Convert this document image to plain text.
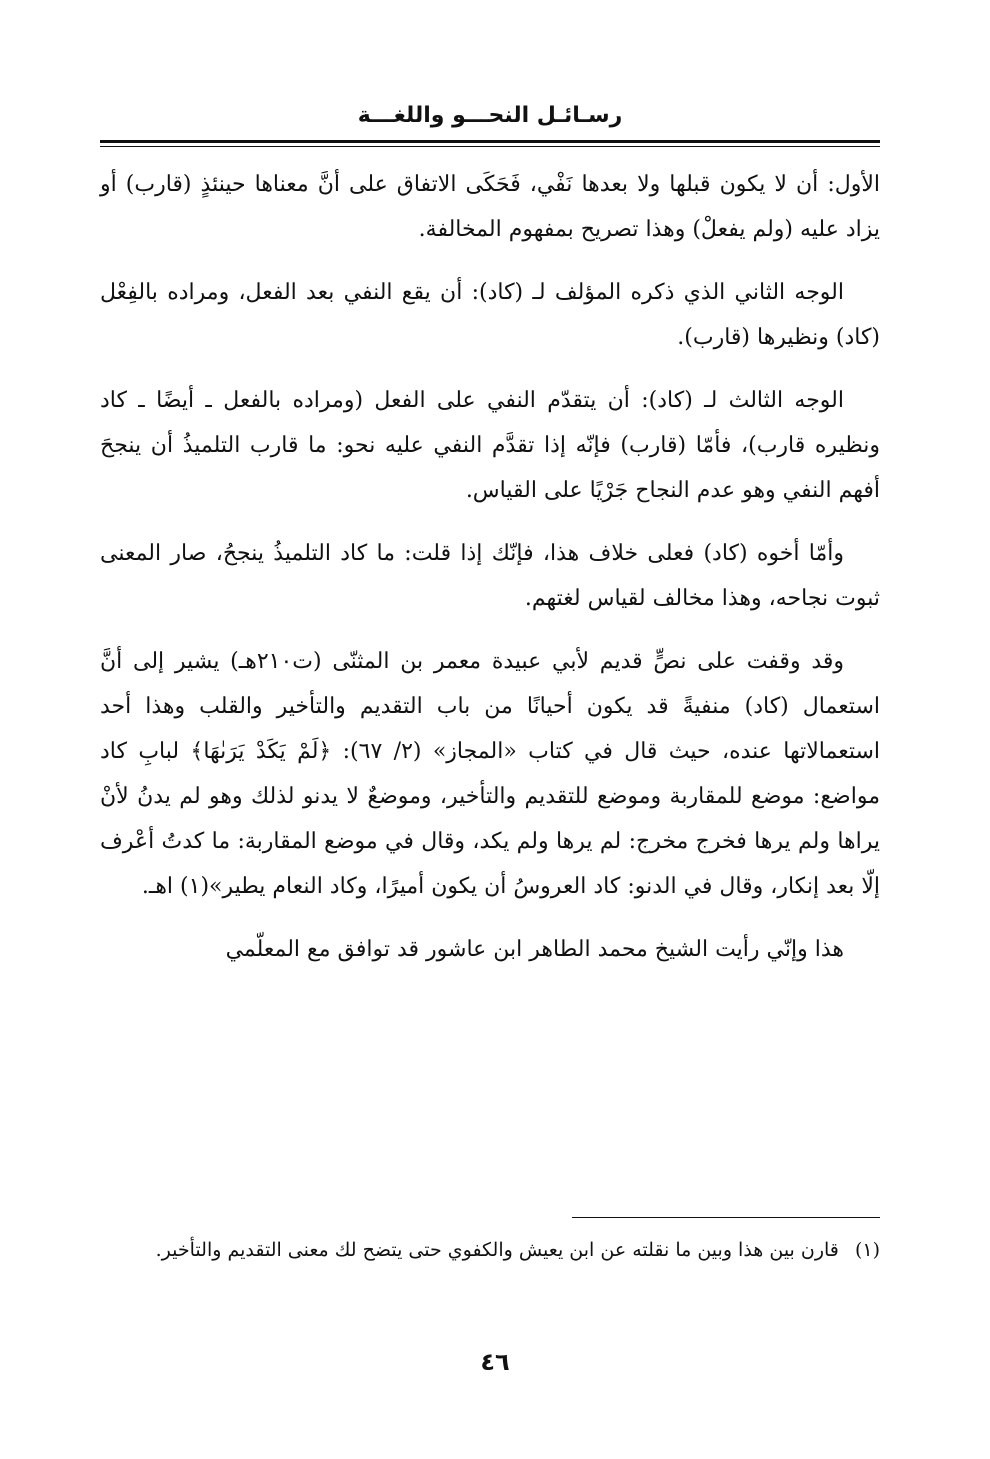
رسـائـل النحـــو واللغـــة

الأول: أن لا يكون قبلها ولا بعدها نَفْي، فَحَكَى الاتفاق على أنَّ معناها حينئذٍ (قارب) أو يزاد عليه (ولم يفعلْ) وهذا تصريح بمفهوم المخالفة.

الوجه الثاني الذي ذكره المؤلف لـ (كاد): أن يقع النفي بعد الفعل، ومراده بالفِعْل (كاد) ونظيرها (قارب).

الوجه الثالث لـ (كاد): أن يتقدّم النفي على الفعل (ومراده بالفعل ـ أيضًا ـ كاد ونظيره قارب)، فأمّا (قارب) فإنّه إذا تقدَّم النفي عليه نحو: ما قارب التلميذُ أن ينجحَ أفهم النفي وهو عدم النجاح جَرْيًا على القياس.

وأمّا أخوه (كاد) فعلى خلاف هذا، فإنّك إذا قلت: ما كاد التلميذُ ينجحُ، صار المعنى ثبوت نجاحه، وهذا مخالف لقياس لغتهم.

وقد وقفت على نصٍّ قديم لأبي عبيدة معمر بن المثنّى (ت٢١٠هـ) يشير إلى أنَّ استعمال (كاد) منفيةً قد يكون أحيانًا من باب التقديم والتأخير والقلب وهذا أحد استعمالاتها عنده، حيث قال في كتاب «المجاز» (٢/ ٦٧): ﴿لَمْ يَكَدْ يَرَىٰهَا﴾ لبابِ كاد مواضع: موضع للمقاربة وموضع للتقديم والتأخير، وموضعٌ لا يدنو لذلك وهو لم يدنُ لأنْ يراها ولم يرها فخرج مخرج: لم يرها ولم يكد، وقال في موضع المقاربة: ما كدتُ أعْرف إلّا بعد إنكار، وقال في الدنو: كاد العروسُ أن يكون أميرًا، وكاد النعام يطير»(١) اهـ.

هذا وإنّي رأيت الشيخ محمد الطاهر ابن عاشور قد توافق مع المعلّمي

(١) قارن بين هذا وبين ما نقلته عن ابن يعيش والكفوي حتى يتضح لك معنى التقديم والتأخير.
٤٦
